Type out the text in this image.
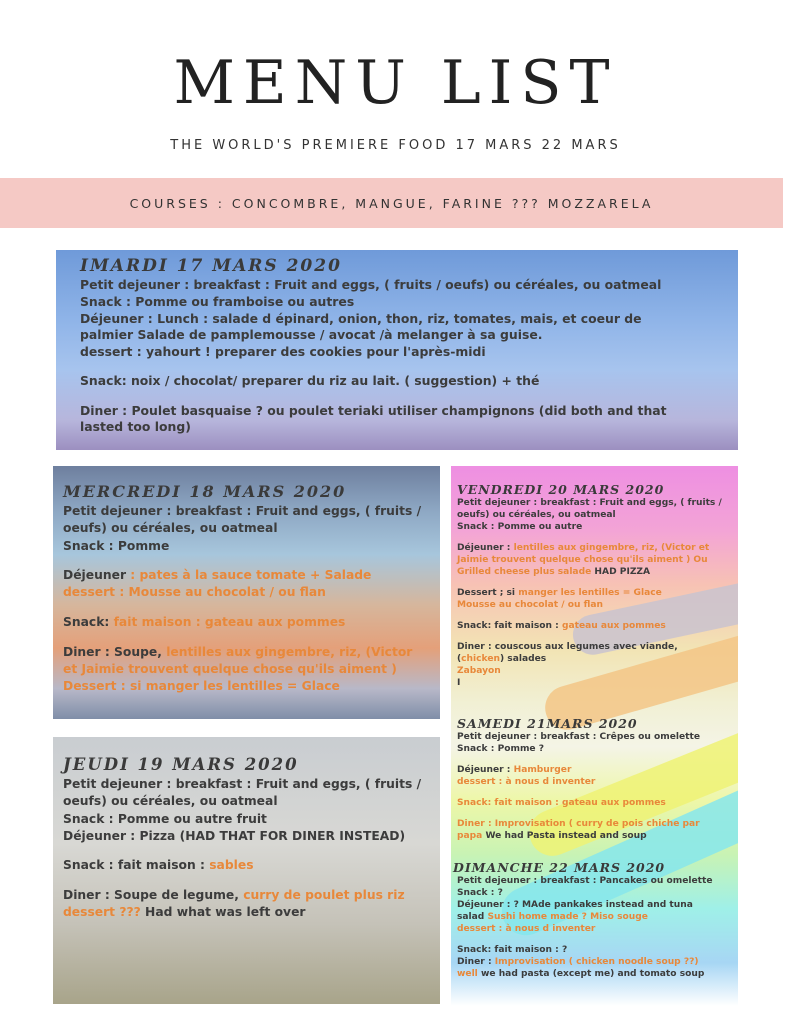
MENU LIST
THE WORLD'S PREMIERE FOOD 17 MARS 22 MARS
COURSES : CONCOMBRE, MANGUE, FARINE ??? MOZZARELA
IMARDI 17 MARS 2020
Petit dejeuner : breakfast : Fruit and eggs, ( fruits / oeufs) ou céréales, ou oatmeal
Snack : Pomme ou framboise ou autres
Déjeuner : Lunch : salade d épinard, onion, thon, riz, tomates, mais, et coeur de
palmier Salade de pamplemousse / avocat /à melanger à sa guise.
dessert : yahourt ! preparer des cookies pour l'après-midi
Snack: noix / chocolat/ preparer du riz au lait. ( suggestion) + thé
Diner : Poulet basquaise ? ou poulet teriaki utiliser champignons (did both and that
lasted too long)
MERCREDI 18 MARS 2020
Petit dejeuner : breakfast : Fruit and eggs, ( fruits /
oeufs) ou céréales, ou oatmeal
Snack : Pomme
Déjeuner : pates à la sauce tomate + Salade
dessert : Mousse au chocolat / ou flan
Snack: fait maison : gateau aux pommes
Diner : Soupe, lentilles aux gingembre, riz, (Victor
et Jaimie trouvent quelque chose qu'ils aiment )
Dessert : si manger les lentilles = Glace
JEUDI 19 MARS 2020
Petit dejeuner : breakfast : Fruit and eggs, ( fruits /
oeufs) ou céréales, ou oatmeal
Snack : Pomme ou autre fruit
Déjeuner : Pizza (HAD THAT FOR DINER INSTEAD)
Snack : fait maison : sables
Diner : Soupe de legume, curry de poulet plus riz
dessert ??? Had what was left over
VENDREDI 20 MARS 2020
Petit dejeuner : breakfast : Fruit and eggs, ( fruits /
oeufs) ou céréales, ou oatmeal
Snack : Pomme ou autre
Déjeuner : lentilles aux gingembre, riz, (Victor et
Jaimie trouvent quelque chose qu'ils aiment ) Ou
Grilled cheese plus salade HAD PIZZA
Dessert ; si manger les lentilles = Glace
Mousse au chocolat / ou flan
Snack: fait maison : gateau aux pommes
Diner : couscous aux legumes avec viande,
(chicken) salades
Zabayon
I
SAMEDI 21MARS 2020
Petit dejeuner : breakfast : Crêpes ou omelette
Snack : Pomme ?
Déjeuner : Hamburger
dessert : à nous d inventer
Snack: fait maison : gateau aux pommes
Diner : Improvisation ( curry de pois chiche par
papa We had Pasta instead and soup
DIMANCHE 22 MARS 2020
Petit dejeuner : breakfast : Pancakes ou omelette
Snack : ?
Déjeuner : ? MAde pankakes instead and tuna
salad Sushi home made ? Miso souge
dessert : à nous d inventer
Snack: fait maison : ?
Diner : Improvisation ( chicken noodle soup ??)
well we had pasta (except me) and tomato soup
